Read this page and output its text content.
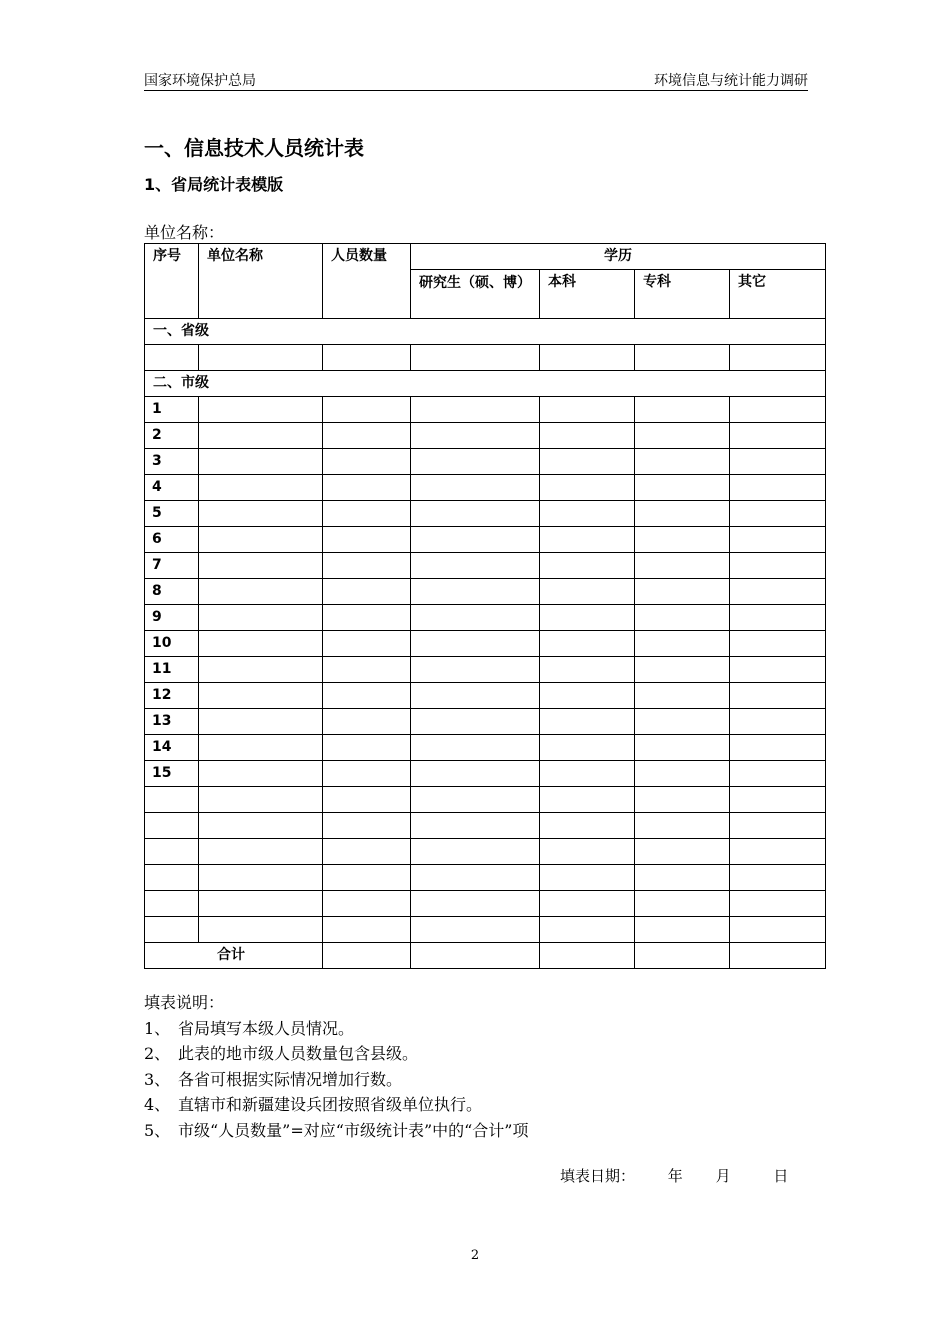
国家环境保护总局	环境信息与统计能力调研
一、信息技术人员统计表
1、省局统计表模版
单位名称：
序号	单位名称	人员数量	学历			
			研究生（硕、博）	本科	专科	其它
一、省级						

二、市级						
1						
2						
3						
4						
5						
6						
7						
8						
9						
10						
11						
12						
13						
14						
15						

合计						
填表说明：
1、 省局填写本级人员情况。
2、 此表的地市级人员数量包含县级。
3、 各省可根据实际情况增加行数。
4、 直辖市和新疆建设兵团按照省级单位执行。
5、 市级“人员数量”=对应“市级统计表”中的“合计”项
填表日期： 年 月	日
2
